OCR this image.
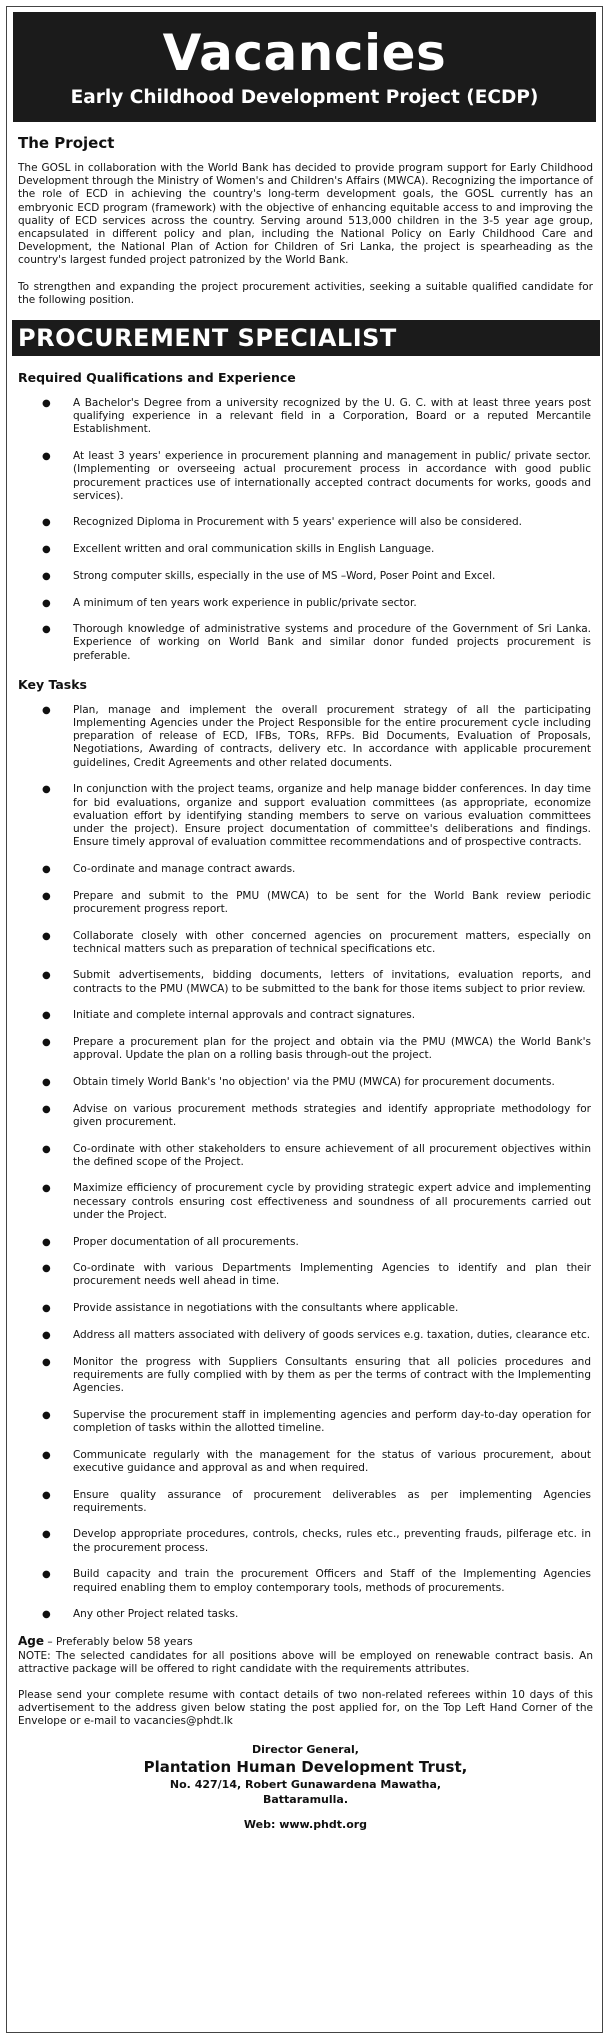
Vacancies
Early Childhood Development Project (ECDP)
The Project

The GOSL in collaboration with the World Bank has decided to provide program support for Early Childhood Development through the Ministry of Women's and Children's Affairs (MWCA). Recognizing the importance of the role of ECD in achieving the country's long-term development goals, the GOSL currently has an embryonic ECD program (framework) with the objective of enhancing equitable access to and improving the quality of ECD services across the country. Serving around 513,000 children in the 3-5 year age group, encapsulated in different policy and plan, including the National Policy on Early Childhood Care and Development, the National Plan of Action for Children of Sri Lanka, the project is spearheading as the country's largest funded project patronized by the World Bank.

To strengthen and expanding the project procurement activities, seeking a suitable qualified candidate for the following position.

PROCUREMENT SPECIALIST
Required Qualifications and Experience
● A Bachelor's Degree from a university recognized by the U. G. C. with at least three years post qualifying experience in a relevant field in a Corporation, Board or a reputed Mercantile Establishment.
● At least 3 years' experience in procurement planning and management in public/ private sector. (Implementing or overseeing actual procurement process in accordance with good public procurement practices use of internationally accepted contract documents for works, goods and services).
● Recognized Diploma in Procurement with 5 years' experience will also be considered.
● Excellent written and oral communication skills in English Language.
● Strong computer skills, especially in the use of MS –Word, Poser Point and Excel.
● A minimum of ten years work experience in public/private sector.
● Thorough knowledge of administrative systems and procedure of the Government of Sri Lanka. Experience of working on World Bank and similar donor funded projects procurement is preferable.
Key Tasks
● Plan, manage and implement the overall procurement strategy of all the participating Implementing Agencies under the Project Responsible for the entire procurement cycle including preparation of release of ECD, IFBs, TORs, RFPs. Bid Documents, Evaluation of Proposals, Negotiations, Awarding of contracts, delivery etc. In accordance with applicable procurement guidelines, Credit Agreements and other related documents.
● In conjunction with the project teams, organize and help manage bidder conferences. In day time for bid evaluations, organize and support evaluation committees (as appropriate, economize evaluation effort by identifying standing members to serve on various evaluation committees under the project). Ensure project documentation of committee's deliberations and findings. Ensure timely approval of evaluation committee recommendations and of prospective contracts.
● Co-ordinate and manage contract awards.
● Prepare and submit to the PMU (MWCA) to be sent for the World Bank review periodic procurement progress report.
● Collaborate closely with other concerned agencies on procurement matters, especially on technical matters such as preparation of technical specifications etc.
● Submit advertisements, bidding documents, letters of invitations, evaluation reports, and contracts to the PMU (MWCA) to be submitted to the bank for those items subject to prior review.
● Initiate and complete internal approvals and contract signatures.
● Prepare a procurement plan for the project and obtain via the PMU (MWCA) the World Bank's approval. Update the plan on a rolling basis through-out the project.
● Obtain timely World Bank's 'no objection' via the PMU (MWCA) for procurement documents.
● Advise on various procurement methods strategies and identify appropriate methodology for given procurement.
● Co-ordinate with other stakeholders to ensure achievement of all procurement objectives within the defined scope of the Project.
● Maximize efficiency of procurement cycle by providing strategic expert advice and implementing necessary controls ensuring cost effectiveness and soundness of all procurements carried out under the Project.
● Proper documentation of all procurements.
● Co-ordinate with various Departments Implementing Agencies to identify and plan their procurement needs well ahead in time.
● Provide assistance in negotiations with the consultants where applicable.
● Address all matters associated with delivery of goods services e.g. taxation, duties, clearance etc.
● Monitor the progress with Suppliers Consultants ensuring that all policies procedures and requirements are fully complied with by them as per the terms of contract with the Implementing Agencies.
● Supervise the procurement staff in implementing agencies and perform day-to-day operation for completion of tasks within the allotted timeline.
● Communicate regularly with the management for the status of various procurement, about executive guidance and approval as and when required.
● Ensure quality assurance of procurement deliverables as per implementing Agencies requirements.
● Develop appropriate procedures, controls, checks, rules etc., preventing frauds, pilferage etc. in the procurement process.
● Build capacity and train the procurement Officers and Staff of the Implementing Agencies required enabling them to employ contemporary tools, methods of procurements.
● Any other Project related tasks.

Age – Preferably below 58 years

NOTE: The selected candidates for all positions above will be employed on renewable contract basis. An attractive package will be offered to right candidate with the requirements attributes.

Please send your complete resume with contact details of two non-related referees within 10 days of this advertisement to the address given below stating the post applied for, on the Top Left Hand Corner of the Envelope or e-mail to vacancies@phdt.lk

Director General,
Plantation Human Development Trust,
No. 427/14, Robert Gunawardena Mawatha,
Battaramulla.
Web: www.phdt.org
